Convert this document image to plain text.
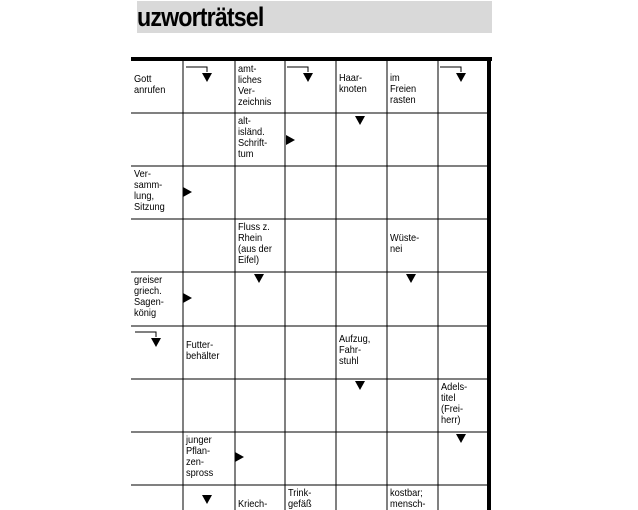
uzworträtsel
Gott
anrufen
amt-
liches
Ver-
zeichnis
Haar-
knoten
im
Freien
rasten
alt-
isländ.
Schrift-
tum
Ver-
samm-
lung,
Sitzung
Fluss z.
Rhein
(aus der
Eifel)
Wüste-
nei
greiser
griech.
Sagen-
könig
Futter-
behälter
Aufzug,
Fahr-
stuhl
Adels-
titel
(Frei-
herr)
junger
Pflan-
zen-
spross
Kriech-
Trink-
gefäß
kostbar;
mensch-
